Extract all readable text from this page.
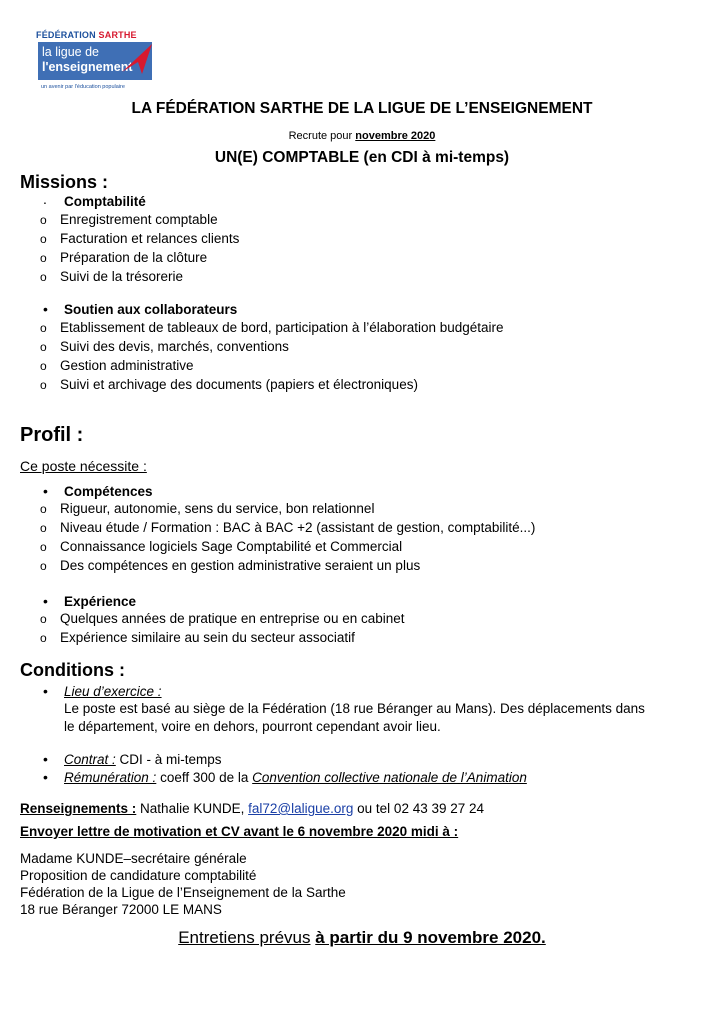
FÉDÉRATION SARTHE
la ligue de
l'enseignement
un avenir par l'éducation populaire
LA FÉDÉRATION SARTHE DE LA LIGUE DE L’ENSEIGNEMENT
Recrute pour novembre 2020
UN(E) COMPTABLE (en CDI à mi-temps)
Missions :
. Comptabilité
o Enregistrement comptable
o Facturation et relances clients
o Préparation de la clôture
o Suivi de la trésorerie
• Soutien aux collaborateurs
o Etablissement de tableaux de bord, participation à l’élaboration budgétaire
o Suivi des devis, marchés, conventions
o Gestion administrative
o Suivi et archivage des documents (papiers et électroniques)
Profil :
Ce poste nécessite :
• Compétences
o Rigueur, autonomie, sens du service, bon relationnel
o Niveau étude / Formation : BAC à BAC +2 (assistant de gestion, comptabilité...)
o Connaissance logiciels Sage Comptabilité et Commercial
o Des compétences en gestion administrative seraient un plus
• Expérience
o Quelques années de pratique en entreprise ou en cabinet
o Expérience similaire au sein du secteur associatif
Conditions :
• Lieu d’exercice :
Le poste est basé au siège de la Fédération (18 rue Béranger au Mans). Des déplacements dans
le département, voire en dehors, pourront cependant avoir lieu.
• Contrat : CDI - à mi-temps
• Rémunération : coeff 300 de la Convention collective nationale de l’Animation
Renseignements : Nathalie KUNDE, fal72@laligue.org ou tel 02 43 39 27 24
Envoyer lettre de motivation et CV avant le 6 novembre 2020 midi à :
Madame KUNDE–secrétaire générale
Proposition de candidature comptabilité
Fédération de la Ligue de l’Enseignement de la Sarthe
18 rue Béranger 72000 LE MANS
Entretiens prévus à partir du 9 novembre 2020.
